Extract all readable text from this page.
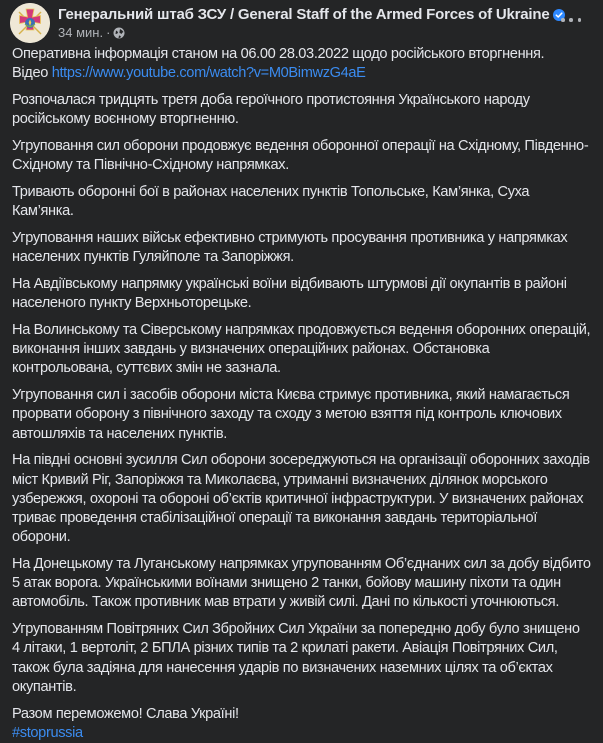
Генеральний штаб ЗСУ / General Staff of the Armed Forces of Ukraine
34 мин. ·
Оперативна інформація станом на 06.00 28.03.2022 щодо російського вторгнення.
Відео https://www.youtube.com/watch?v=M0BimwzG4aE
Розпочалася тридцять третя доба героїчного протистояння Українського народу російському воєнному вторгненню.
Угруповання сил оборони продовжує ведення оборонної операції на Східному, Південно-Східному та Північно-Східному напрямках.
Тривають оборонні бої в районах населених пунктів Топольське, Кам’янка, Суха Кам’янка.
Угруповання наших військ ефективно стримують просування противника у напрямках населених пунктів Гуляйполе та Запоріжжя.
На Авдіївському напрямку українські воїни відбивають штурмові дії окупантів в районі населеного пункту Верхньоторецьке.
На Волинському та Сіверському напрямках продовжується ведення оборонних операцій, виконання інших завдань у визначених операційних районах. Обстановка контрольована, суттєвих змін не зазнала.
Угруповання сил і засобів оборони міста Києва стримує противника, який намагається прорвати оборону з північного заходу та сходу з метою взяття під контроль ключових автошляхів та населених пунктів.
На півдні основні зусилля Сил оборони зосереджуються на організації оборонних заходів міст Кривий Ріг, Запоріжжя та Миколаєва, утриманні визначених ділянок морського узбережжя, охороні та обороні об’єктів критичної інфраструктури. У визначених районах триває проведення стабілізаційної операції та виконання завдань територіальної оборони.
На Донецькому та Луганському напрямках угрупованням Об’єднаних сил за добу відбито 5 атак ворога. Українськими воїнами знищено 2 танки, бойову машину піхоти та один автомобіль. Також противник мав втрати у живій силі. Дані по кількості уточнюються.
Угрупованням Повітряних Сил Збройних Сил України за попередню добу було знищено 4 літаки, 1 вертоліт, 2 БПЛА різних типів та 2 крилаті ракети. Авіація Повітряних Сил, також була задіяна для нанесення ударів по визначених наземних цілях та об’єктах окупантів.
Разом переможемо! Слава Україні!
#stoprussia
